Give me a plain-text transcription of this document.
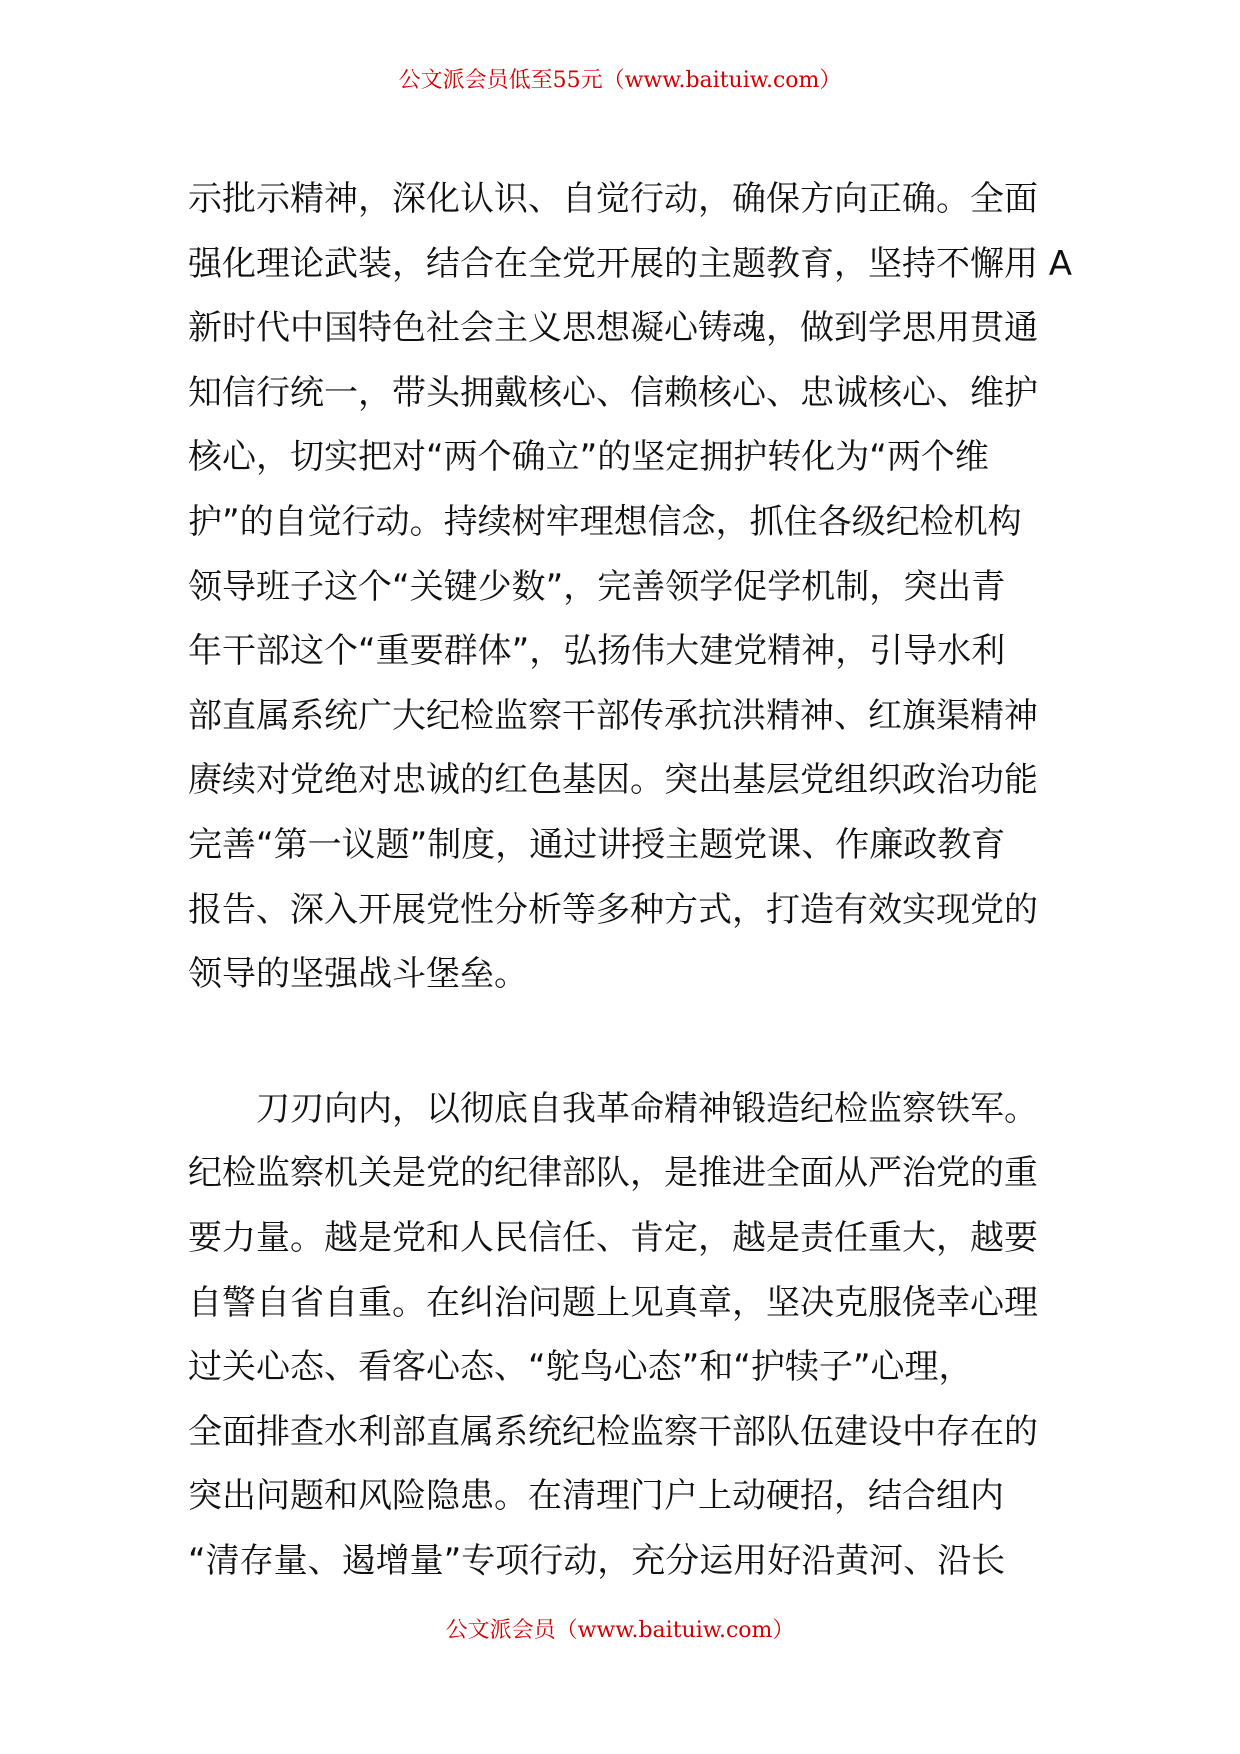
公文派会员低至55元（www.baituiw.com）
示批示精神，深化认识、自觉行动，确保方向正确。全面
强化理论武装，结合在全党开展的主题教育，坚持不懈用 A
新时代中国特色社会主义思想凝心铸魂，做到学思用贯通
知信行统一，带头拥戴核心、信赖核心、忠诚核心、维护
核心，切实把对“两个确立”的坚定拥护转化为“两个维
护”的自觉行动。持续树牢理想信念，抓住各级纪检机构
领导班子这个“关键少数”，完善领学促学机制，突出青
年干部这个“重要群体”，弘扬伟大建党精神，引导水利
部直属系统广大纪检监察干部传承抗洪精神、红旗渠精神
赓续对党绝对忠诚的红色基因。突出基层党组织政治功能
完善“第一议题”制度，通过讲授主题党课、作廉政教育
报告、深入开展党性分析等多种方式，打造有效实现党的
领导的坚强战斗堡垒。
刀刃向内，以彻底自我革命精神锻造纪检监察铁军。
纪检监察机关是党的纪律部队，是推进全面从严治党的重
要力量。越是党和人民信任、肯定，越是责任重大，越要
自警自省自重。在纠治问题上见真章，坚决克服侥幸心理
过关心态、看客心态、“鸵鸟心态”和“护犊子”心理，
全面排查水利部直属系统纪检监察干部队伍建设中存在的
突出问题和风险隐患。在清理门户上动硬招，结合组内
“清存量、遏增量”专项行动，充分运用好沿黄河、沿长
公文派会员（www.baituiw.com）
